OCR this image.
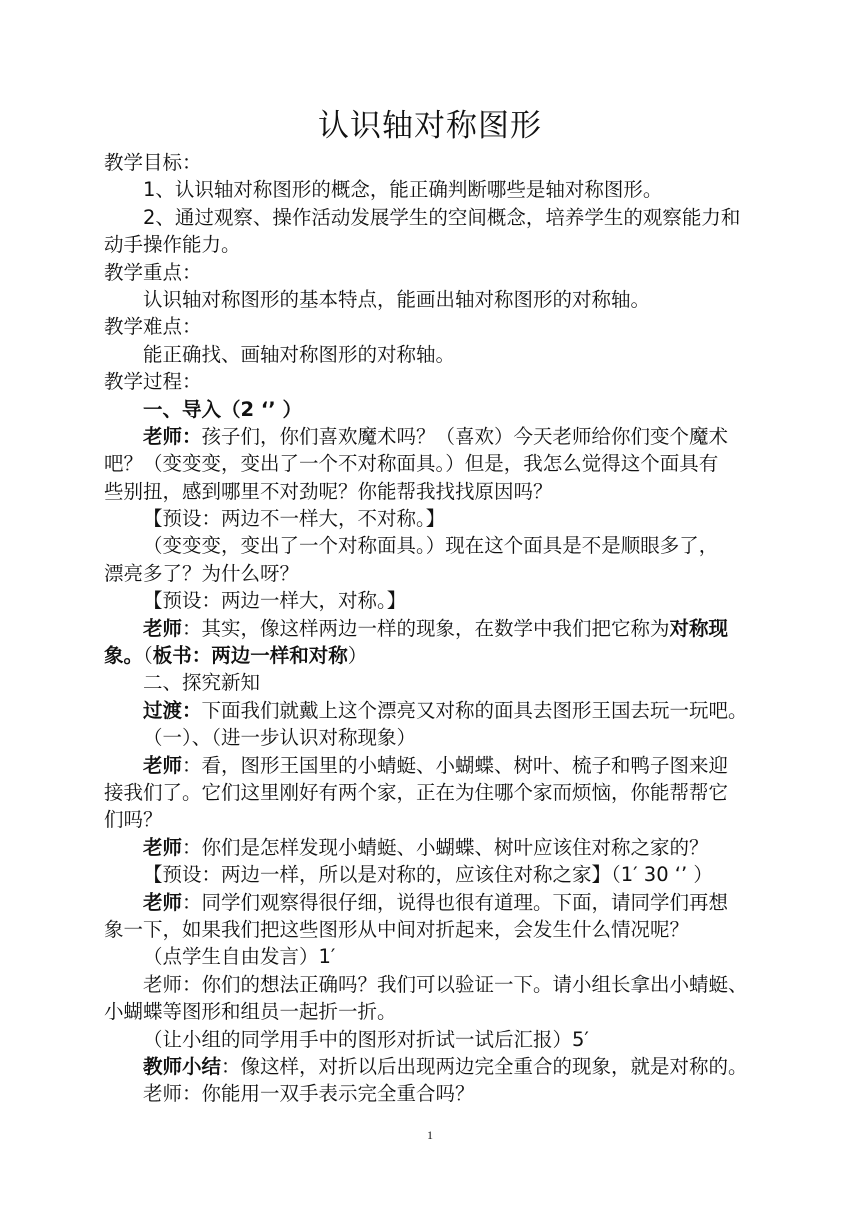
认识轴对称图形
教学目标：
1、认识轴对称图形的概念，能正确判断哪些是轴对称图形。
2、通过观察、操作活动发展学生的空间概念，培养学生的观察能力和
动手操作能力。
教学重点：
认识轴对称图形的基本特点，能画出轴对称图形的对称轴。
教学难点：
能正确找、画轴对称图形的对称轴。
教学过程：
一、导入（2 ‘’ ）
老师：孩子们，你们喜欢魔术吗？（喜欢）今天老师给你们变个魔术
吧？（变变变，变出了一个不对称面具。）但是，我怎么觉得这个面具有
些别扭，感到哪里不对劲呢？你能帮我找找原因吗？
【预设：两边不一样大，不对称。】
（变变变，变出了一个对称面具。）现在这个面具是不是顺眼多了，
漂亮多了？为什么呀？
【预设：两边一样大，对称。】
老师：其实，像这样两边一样的现象，在数学中我们把它称为对称现
象。（板书：两边一样和对称）
二、探究新知
过渡：下面我们就戴上这个漂亮又对称的面具去图形王国去玩一玩吧。
（一）、（进一步认识对称现象）
老师：看，图形王国里的小蜻蜓、小蝴蝶、树叶、梳子和鸭子图来迎
接我们了。它们这里刚好有两个家，正在为住哪个家而烦恼，你能帮帮它
们吗？
老师：你们是怎样发现小蜻蜓、小蝴蝶、树叶应该住对称之家的？
【预设：两边一样，所以是对称的，应该住对称之家】（1′ 30 ‘’ ）
老师：同学们观察得很仔细，说得也很有道理。下面，请同学们再想
象一下，如果我们把这些图形从中间对折起来，会发生什么情况呢？
（点学生自由发言）1′
老师：你们的想法正确吗？我们可以验证一下。请小组长拿出小蜻蜓、
小蝴蝶等图形和组员一起折一折。
（让小组的同学用手中的图形对折试一试后汇报）5′
教师小结：像这样，对折以后出现两边完全重合的现象，就是对称的。
老师：你能用一双手表示完全重合吗？
1
